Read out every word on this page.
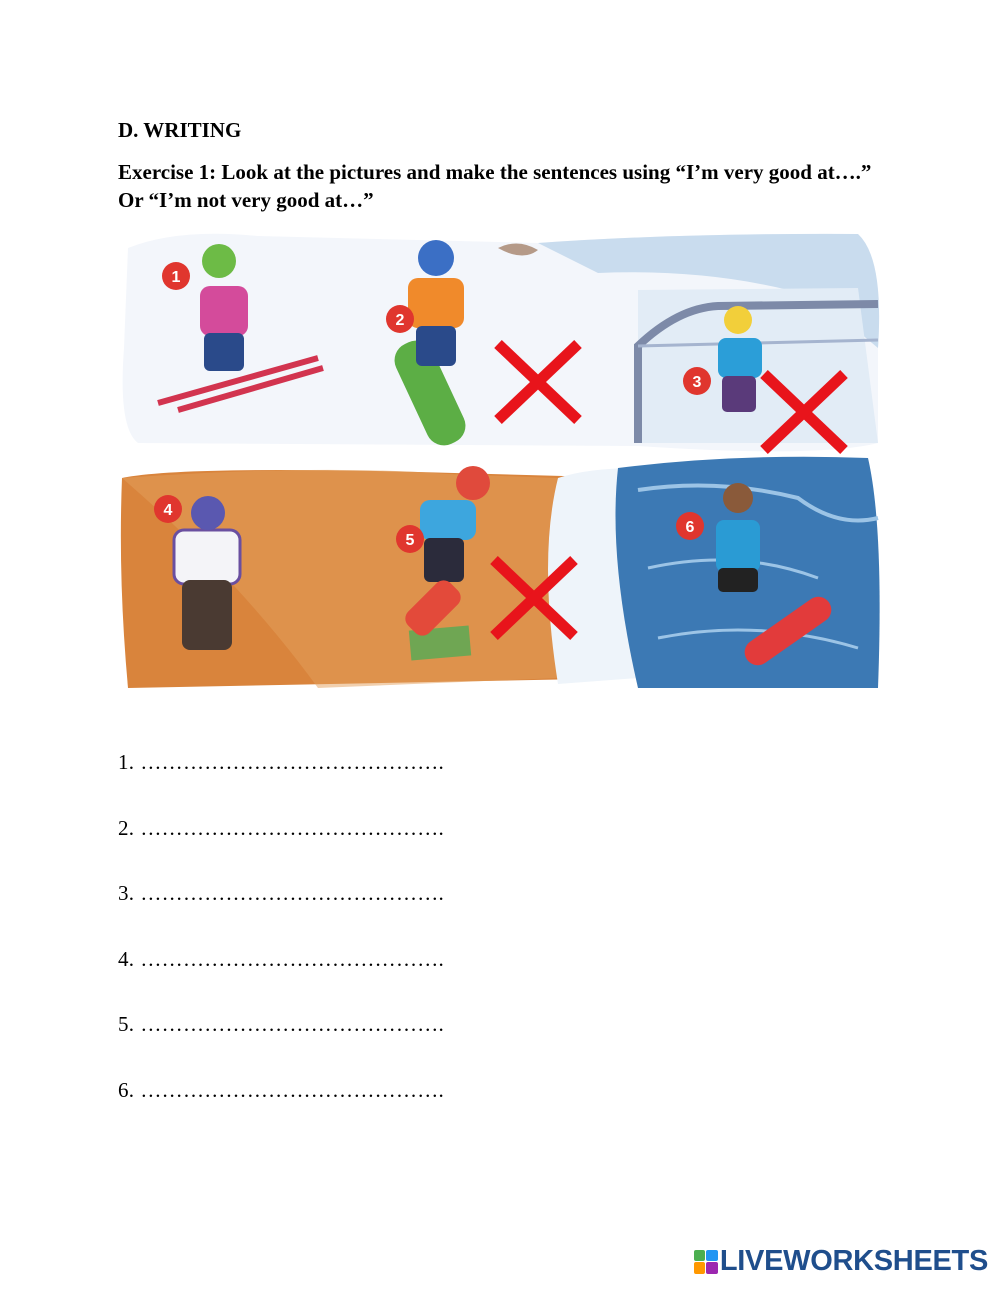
D. WRITING
Exercise 1: Look at the pictures and make the sentences using “I’m very good at….” Or “I’m not very good at…”
1
2
3
4
5
6
1. …………………………………….
2. …………………………………….
3. …………………………………….
4. …………………………………….
5. …………………………………….
6. …………………………………….
LIVEWORKSHEETS
